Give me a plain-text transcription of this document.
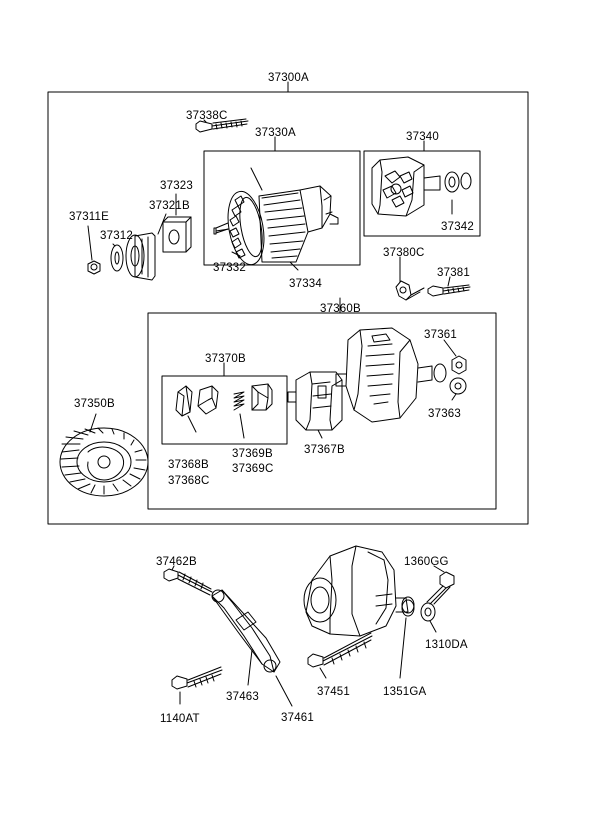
37300A
37338C
37330A	37340
37323
37321B
37311E
37312
37342
37332
37334
37380C
37381
37360B
37361
37370B
37363
37350B
37367B
37369B
37368B 37369C
37368C
37462B	1360GG
1310DA
37463	37451	1351GA
1140AT	37461
